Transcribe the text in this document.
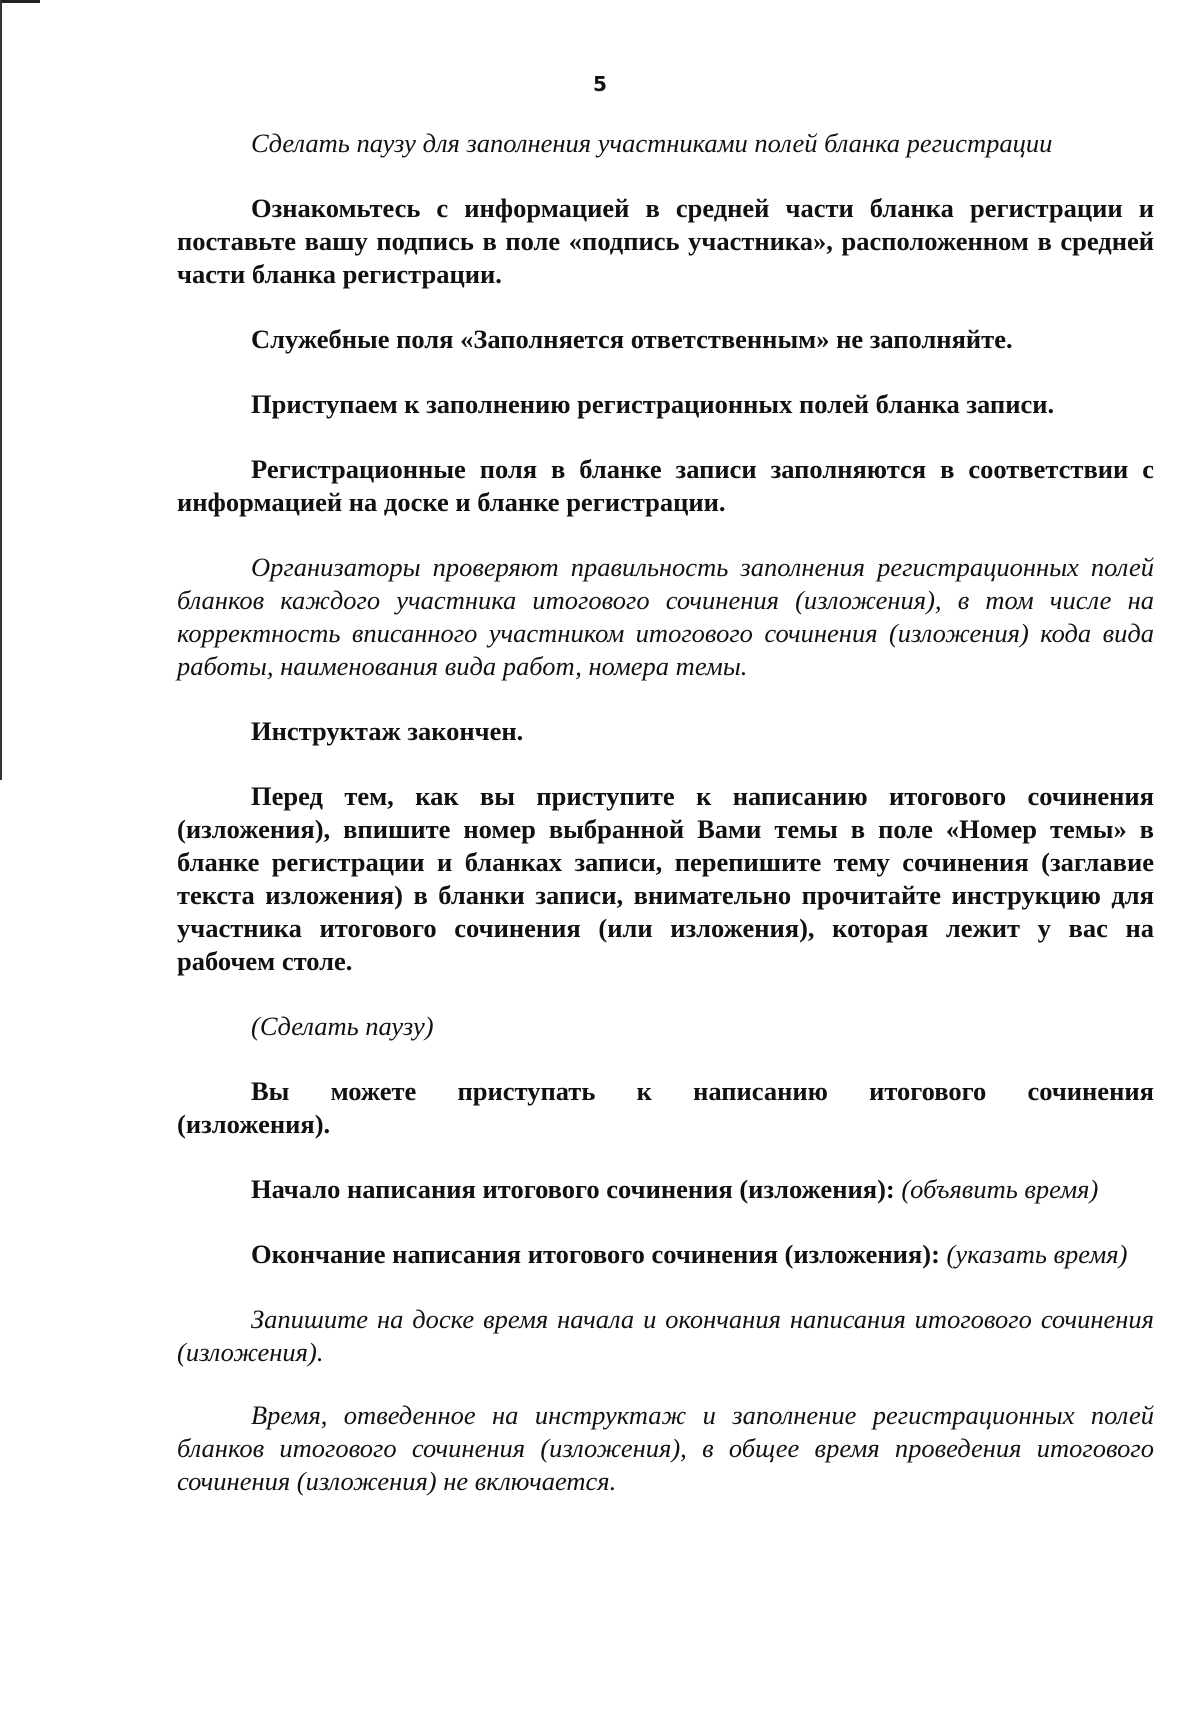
5

Сделать паузу для заполнения участниками полей бланка регистрации

Ознакомьтесь с информацией в средней части бланка регистрации и поставьте вашу подпись в поле «подпись участника», расположенном в средней части бланка регистрации.

Служебные поля «Заполняется ответственным» не заполняйте.

Приступаем к заполнению регистрационных полей бланка записи.

Регистрационные поля в бланке записи заполняются в соответствии с информацией на доске и бланке регистрации.

Организаторы проверяют правильность заполнения регистрационных полей бланков каждого участника итогового сочинения (изложения), в том числе на корректность вписанного участником итогового сочинения (изложения) кода вида работы, наименования вида работ, номера темы.

Инструктаж закончен.

Перед тем, как вы приступите к написанию итогового сочинения (изложения), впишите номер выбранной Вами темы в поле «Номер темы» в бланке регистрации и бланках записи, перепишите тему сочинения (заглавие текста изложения) в бланки записи, внимательно прочитайте инструкцию для участника итогового сочинения (или изложения), которая лежит у вас на рабочем столе.

(Сделать паузу)

Вы можете приступать к написанию итогового сочинения
(изложения).

Начало написания итогового сочинения (изложения): (объявить время)

Окончание написания итогового сочинения (изложения): (указать время)

Запишите на доске время начала и окончания написания итогового сочинения (изложения).

Время, отведенное на инструктаж и заполнение регистрационных полей бланков итогового сочинения (изложения), в общее время проведения итогового сочинения (изложения) не включается.
